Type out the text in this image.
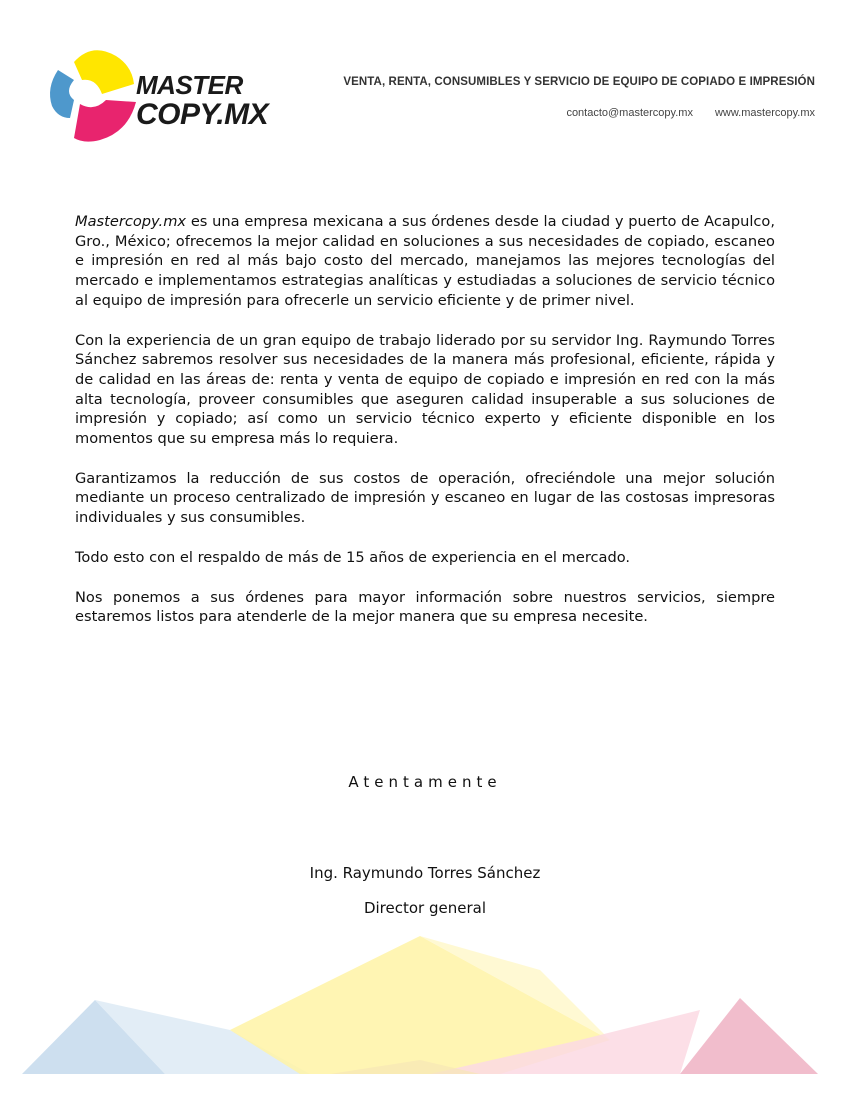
MASTER
COPY.MX
VENTA, RENTA, CONSUMIBLES Y SERVICIO DE EQUIPO DE COPIADO E IMPRESIÓN
contacto@mastercopy.mx www.mastercopy.mx

Mastercopy.mx es una empresa mexicana a sus órdenes desde la ciudad y puerto de Acapulco, Gro., México; ofrecemos la mejor calidad en soluciones a sus necesidades de copiado, escaneo e impresión en red al más bajo costo del mercado, manejamos las mejores tecnologías del mercado e implementamos estrategias analíticas y estudiadas a soluciones de servicio técnico al equipo de impresión para ofrecerle un servicio eficiente y de primer nivel.

Con la experiencia de un gran equipo de trabajo liderado por su servidor Ing. Raymundo Torres Sánchez sabremos resolver sus necesidades de la manera más profesional, eficiente, rápida y de calidad en las áreas de: renta y venta de equipo de copiado e impresión en red con la más alta tecnología, proveer consumibles que aseguren calidad insuperable a sus soluciones de impresión y copiado; así como un servicio técnico experto y eficiente disponible en los momentos que su empresa más lo requiera.

Garantizamos la reducción de sus costos de operación, ofreciéndole una mejor solución mediante un proceso centralizado de impresión y escaneo en lugar de las costosas impresoras individuales y sus consumibles.

Todo esto con el respaldo de más de 15 años de experiencia en el mercado.

Nos ponemos a sus órdenes para mayor información sobre nuestros servicios, siempre estaremos listos para atenderle de la mejor manera que su empresa necesite.

Atentamente
Ing. Raymundo Torres Sánchez
Director general
